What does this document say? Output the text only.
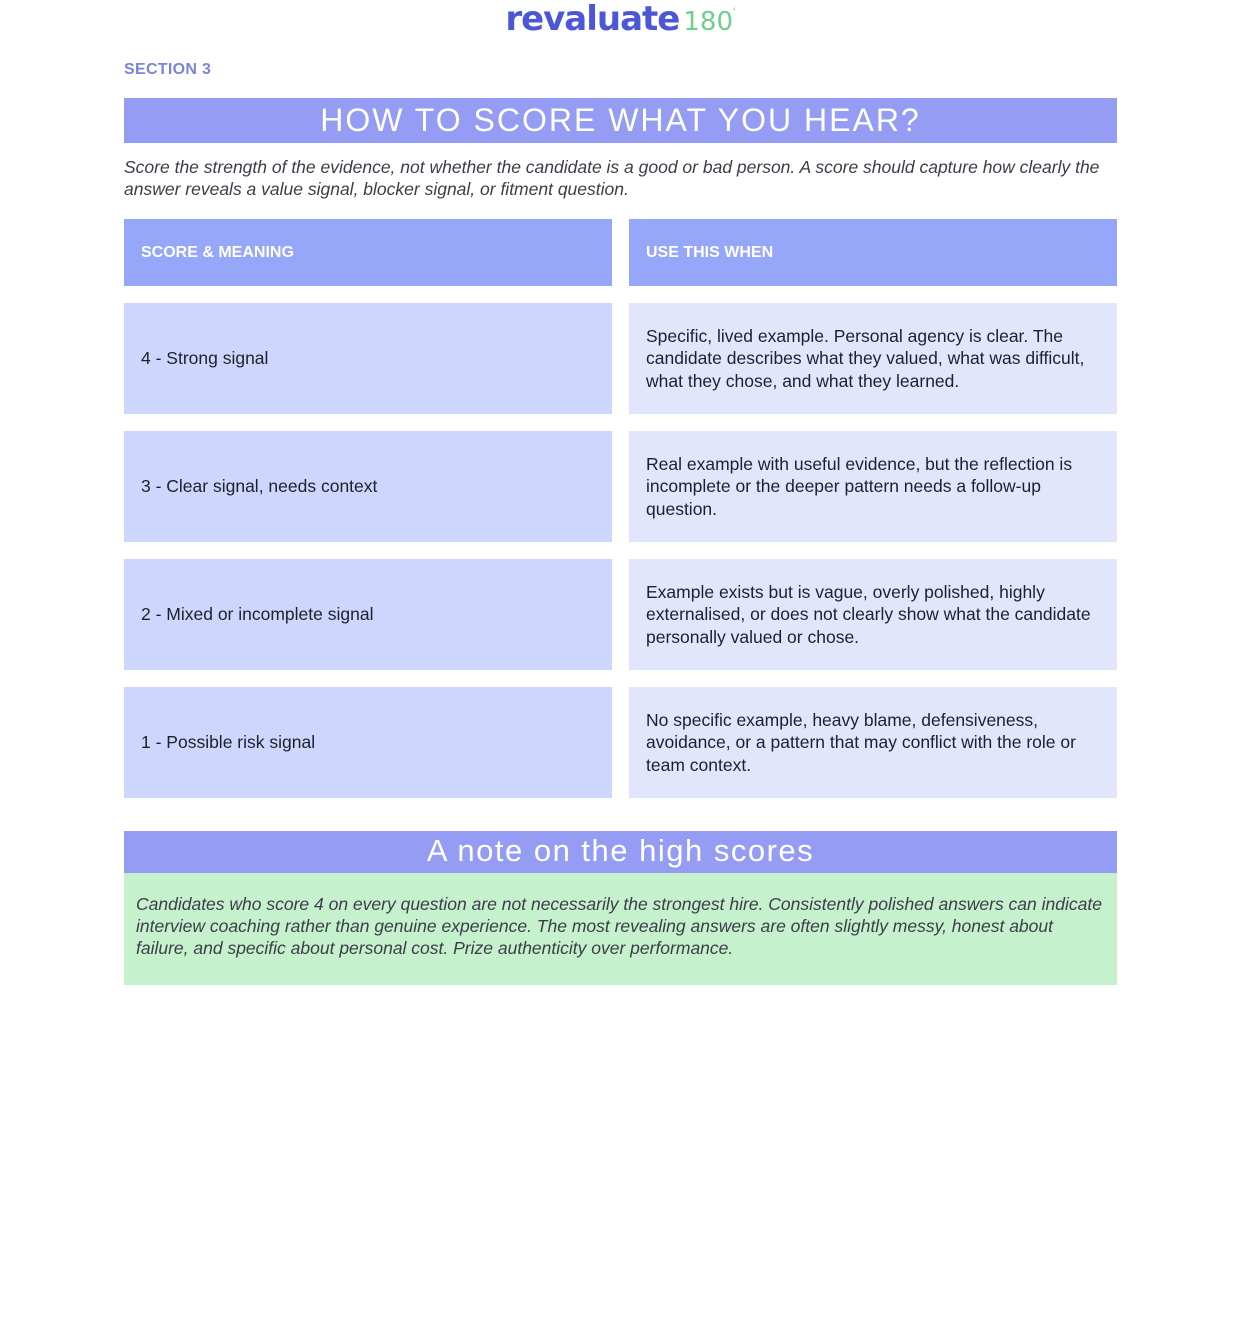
revaluate 180‘
SECTION 3
HOW TO SCORE WHAT YOU HEAR?
Score the strength of the evidence, not whether the candidate is a good or bad person. A score should capture how clearly the answer reveals a value signal, blocker signal, or fitment question.
SCORE & MEANING	USE THIS WHEN
4 - Strong signal
Specific, lived example. Personal agency is clear. The candidate describes what they valued, what was difficult, what they chose, and what they learned.
3 - Clear signal, needs context
Real example with useful evidence, but the reflection is incomplete or the deeper pattern needs a follow-up question.
2 - Mixed or incomplete signal
Example exists but is vague, overly polished, highly externalised, or does not clearly show what the candidate personally valued or chose.
1 - Possible risk signal
No specific example, heavy blame, defensiveness, avoidance, or a pattern that may conflict with the role or team context.
A note on the high scores
Candidates who score 4 on every question are not necessarily the strongest hire. Consistently polished answers can indicate interview coaching rather than genuine experience. The most revealing answers are often slightly messy, honest about failure, and specific about personal cost. Prize authenticity over performance.
